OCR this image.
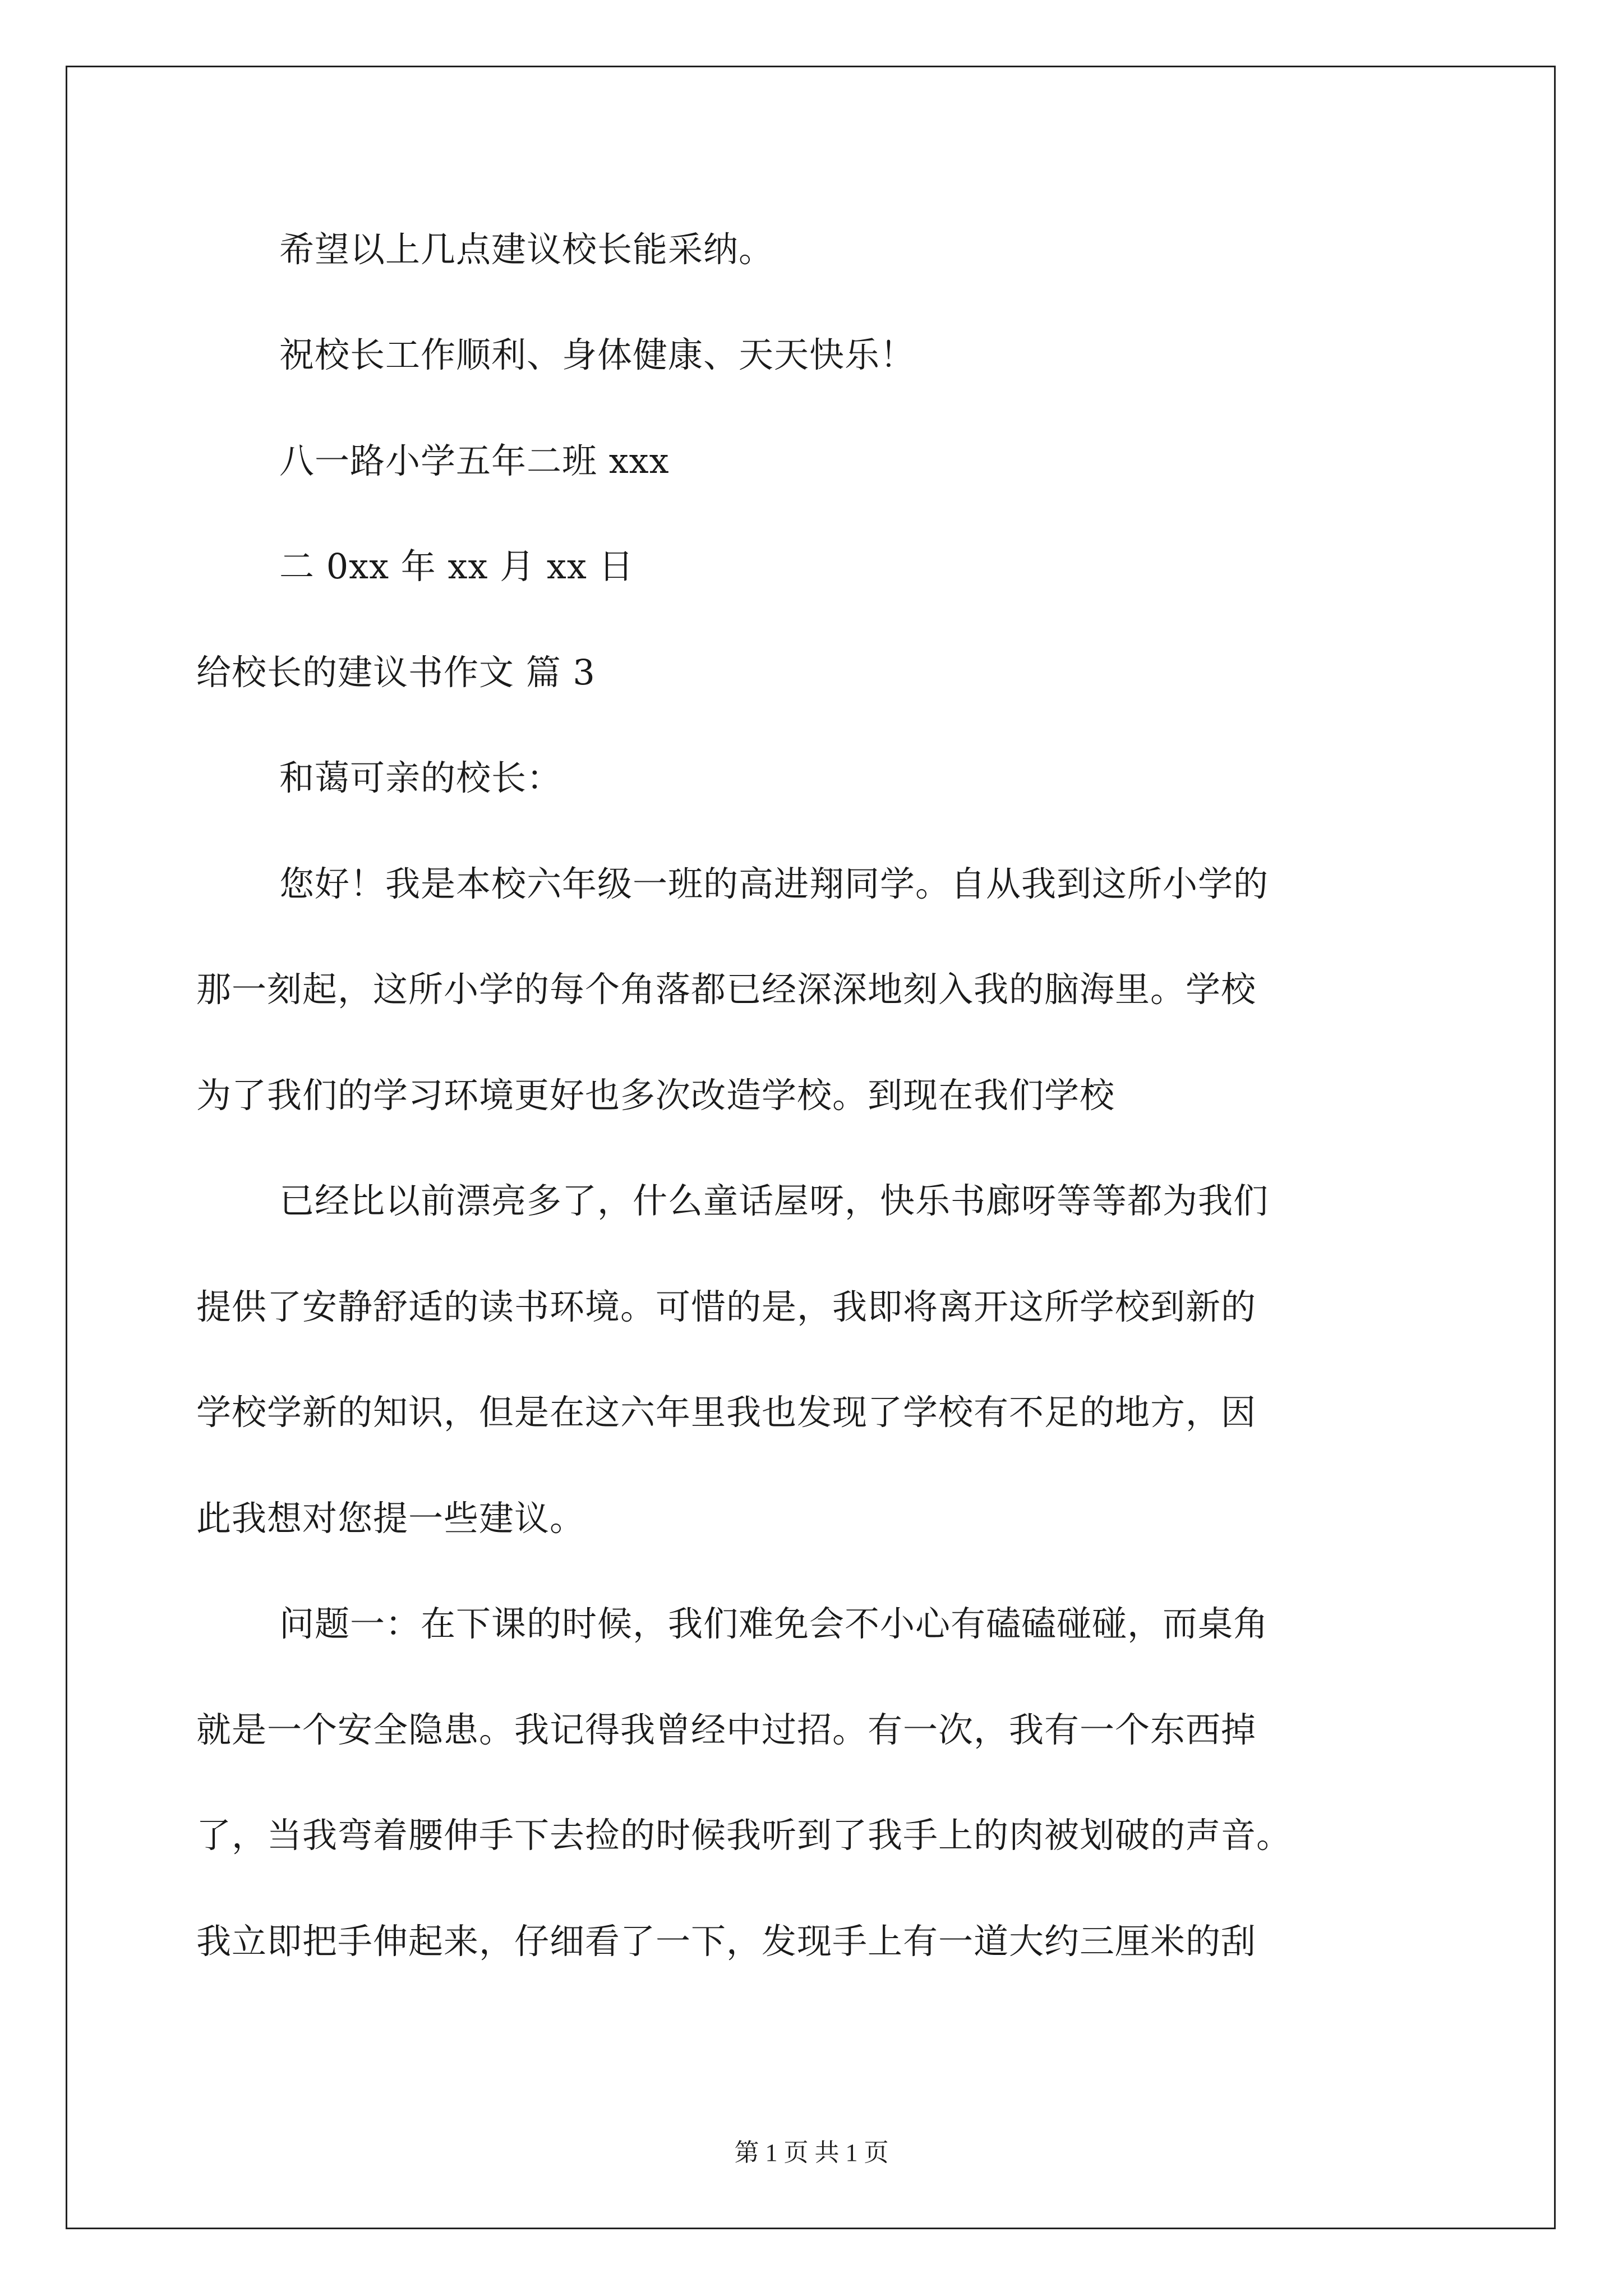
希望以上几点建议校长能采纳。
祝校长工作顺利、身体健康、天天快乐！
八一路小学五年二班 xxx
二 0xx 年 xx 月 xx 日
给校长的建议书作文 篇 3
和蔼可亲的校长：
您好！我是本校六年级一班的高进翔同学。自从我到这所小学的
那一刻起，这所小学的每个角落都已经深深地刻入我的脑海里。学校
为了我们的学习环境更好也多次改造学校。到现在我们学校
已经比以前漂亮多了，什么童话屋呀，快乐书廊呀等等都为我们
提供了安静舒适的读书环境。可惜的是，我即将离开这所学校到新的
学校学新的知识，但是在这六年里我也发现了学校有不足的地方，因
此我想对您提一些建议。
问题一：在下课的时候，我们难免会不小心有磕磕碰碰，而桌角
就是一个安全隐患。我记得我曾经中过招。有一次，我有一个东西掉
了，当我弯着腰伸手下去捡的时候我听到了我手上的肉被划破的声音。
我立即把手伸起来，仔细看了一下，发现手上有一道大约三厘米的刮
第 1 页 共 1 页
